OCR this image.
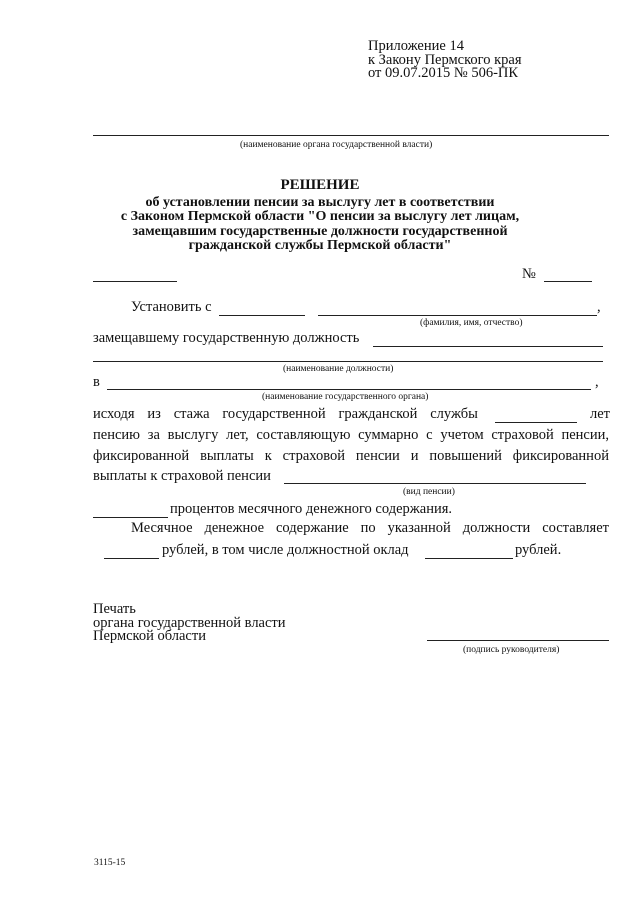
Приложение 14
к Закону Пермского края
от 09.07.2015 № 506-ПК
(наименование органа государственной власти)
РЕШЕНИЕ
об установлении пенсии за выслугу лет в соответствии
с Законом Пермской области "О пенсии за выслугу лет лицам,
замещавшим государственные должности государственной
гражданской службы Пермской области"
№
Установить с	,
(фамилия, имя, отчество)
замещавшему государственную должность
(наименование должности)
в	,
(наименование государственного органа)
исходя из стажа государственной гражданской службы	лет
пенсию за выслугу лет, составляющую суммарно с учетом страховой пенсии,
фиксированной выплаты к страховой пенсии и повышений фиксированной
выплаты к страховой пенсии
(вид пенсии)
процентов месячного денежного содержания.
Месячное денежное содержание по указанной должности составляет
рублей, в том числе должностной оклад	рублей.
Печать
органа государственной власти
Пермской области
(подпись руководителя)
3115-15
